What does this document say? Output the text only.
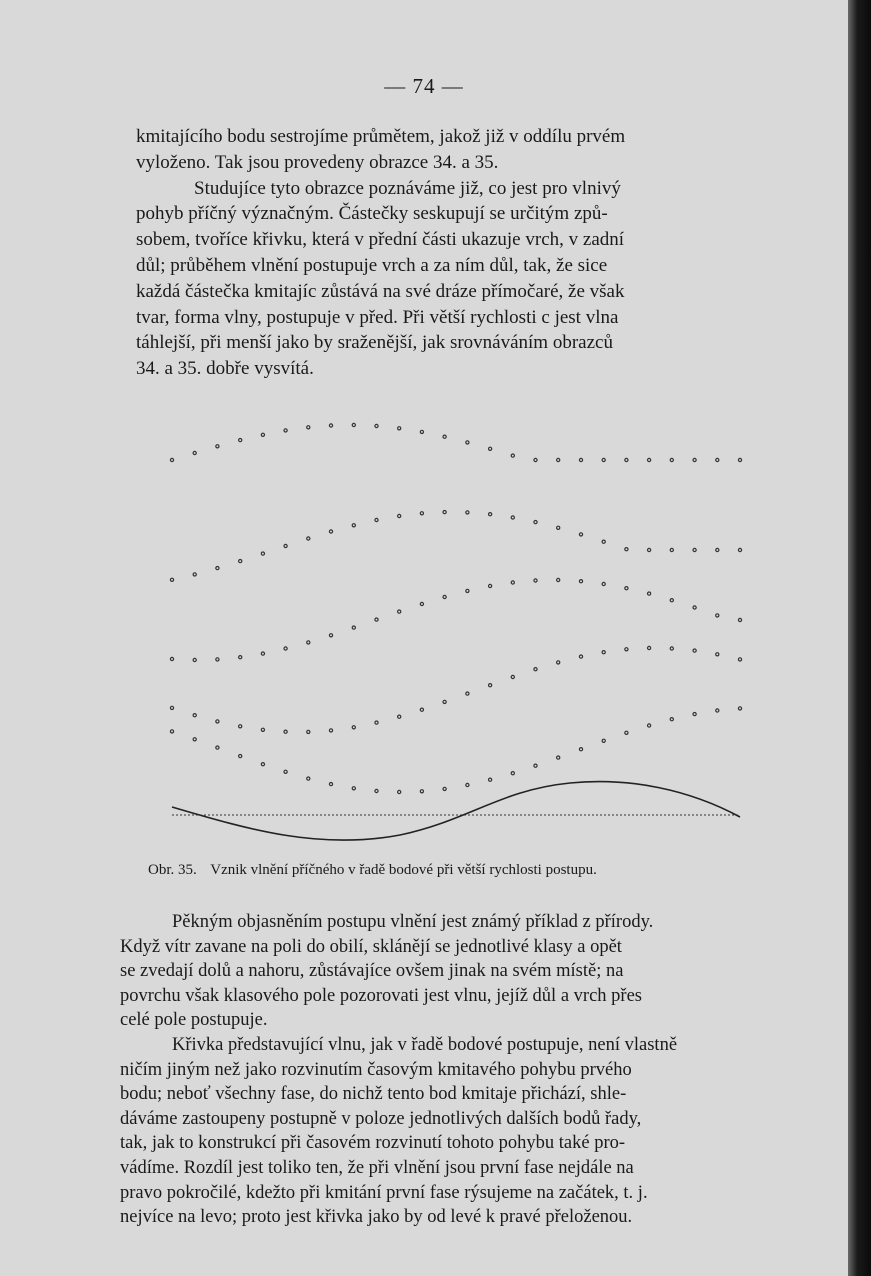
— 74 —
kmitajícího bodu sestrojíme průmětem, jakož již v oddílu prvém
vyloženo. Tak jsou provedeny obrazce 34. a 35.
Studujíce tyto obrazce poznáváme již, co jest pro vlnivý
pohyb příčný význačným. Částečky seskupují se určitým způ-
sobem, tvoříce křivku, která v přední části ukazuje vrch, v zadní
důl; průběhem vlnění postupuje vrch a za ním důl, tak, že sice
každá částečka kmitajíc zůstává na své dráze přímočaré, že však
tvar, forma vlny, postupuje v před. Při větší rychlosti c jest vlna
táhlejší, při menší jako by sraženější, jak srovnáváním obrazců
34. a 35. dobře vysvítá.
Obr. 35. Vznik vlnění příčného v řadě bodové při větší rychlosti postupu.
Pěkným objasněním postupu vlnění jest známý příklad z přírody.
Když vítr zavane na poli do obilí, sklánějí se jednotlivé klasy a opět
se zvedají dolů a nahoru, zůstávajíce ovšem jinak na svém místě; na
povrchu však klasového pole pozorovati jest vlnu, jejíž důl a vrch přes
celé pole postupuje.
Křivka představující vlnu, jak v řadě bodové postupuje, není vlastně
ničím jiným než jako rozvinutím časovým kmitavého pohybu prvého
bodu; neboť všechny fase, do nichž tento bod kmitaje přichází, shle-
dáváme zastoupeny postupně v poloze jednotlivých dalších bodů řady,
tak, jak to konstrukcí při časovém rozvinutí tohoto pohybu také pro-
vádíme. Rozdíl jest toliko ten, že při vlnění jsou první fase nejdále na
pravo pokročilé, kdežto při kmitání první fase rýsujeme na začátek, t. j.
nejvíce na levo; proto jest křivka jako by od levé k pravé přeloženou.
